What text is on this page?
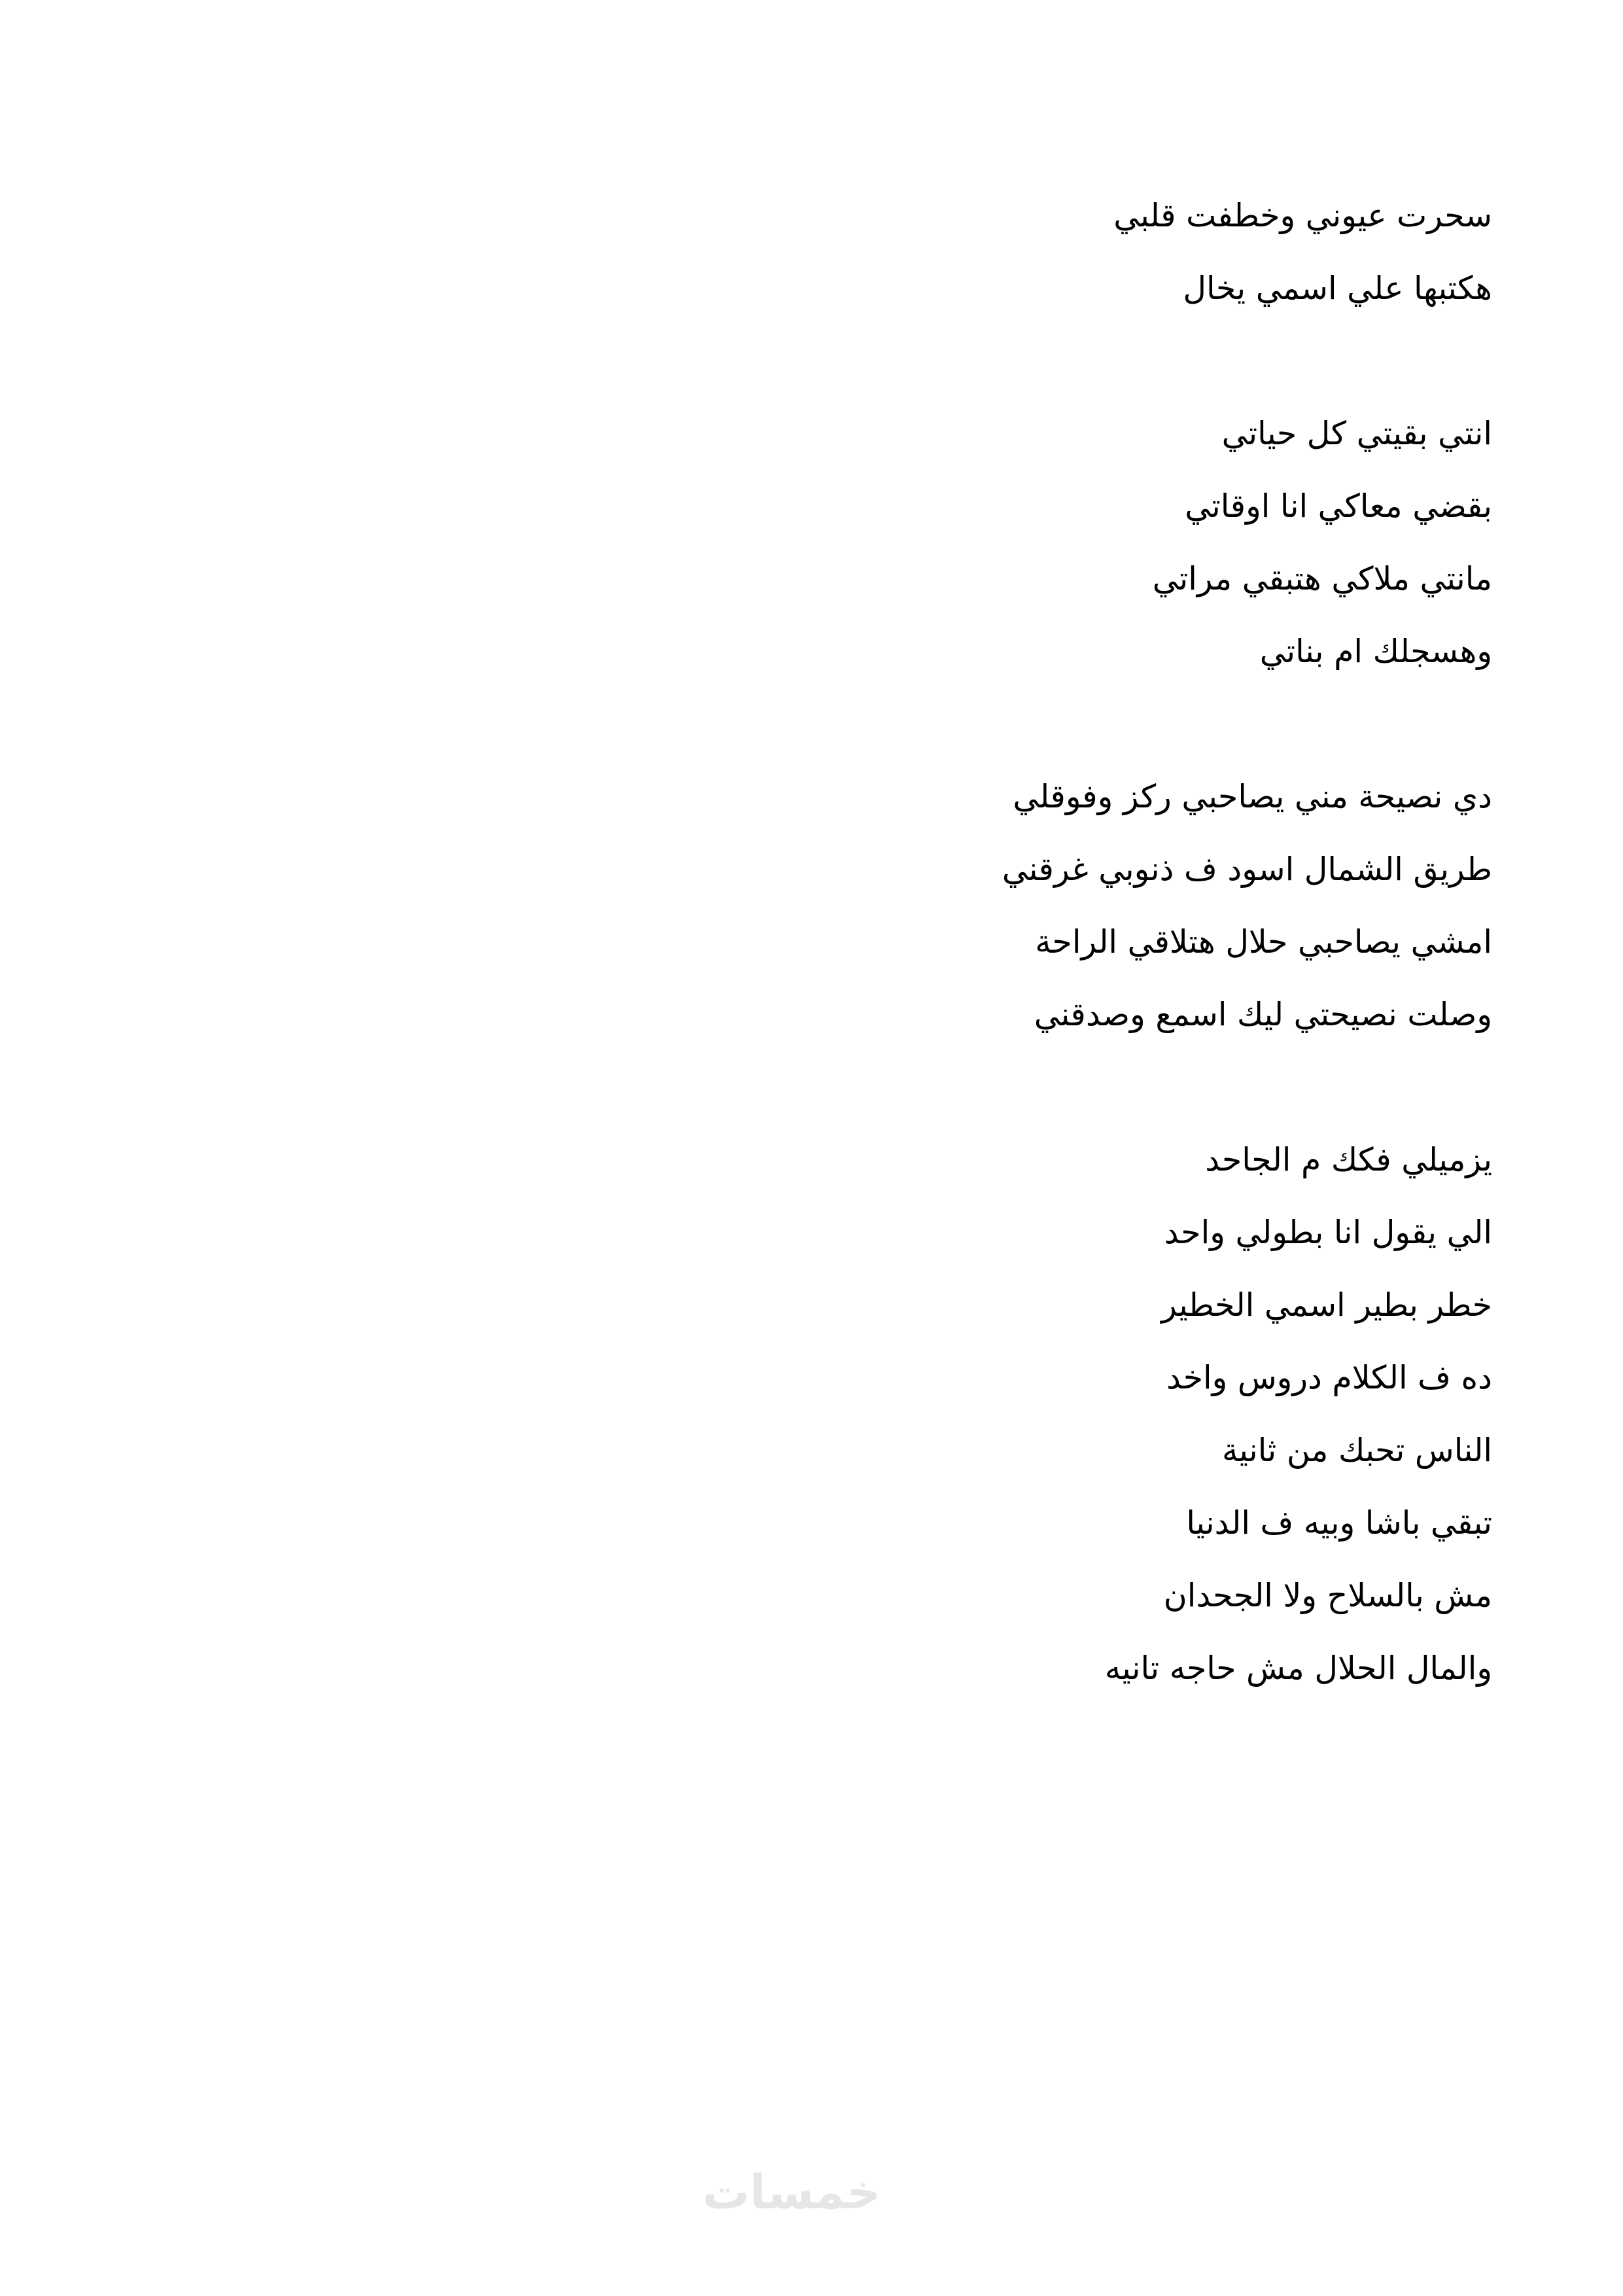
سحرت عيوني وخطفت قلبي
هكتبها علي اسمي يخال
انتي بقيتي كل حياتي
بقضي معاكي انا اوقاتي
مانتي ملاكي هتبقي مراتي
وهسجلك ام بناتي
دي نصيحة مني يصاحبي ركز وفوقلي
طريق الشمال اسود ف ذنوبي غرقني
امشي يصاحبي حلال هتلاقي الراحة
وصلت نصيحتي ليك اسمع وصدقني
يزميلي فكك م الجاحد
الي يقول انا بطولي واحد
خطر بطير اسمي الخطير
ده ف الكلام دروس واخد
الناس تحبك من ثانية
تبقي باشا وبيه ف الدنيا
مش بالسلاح ولا الجحدان
والمال الحلال مش حاجه تانيه
خمسات
